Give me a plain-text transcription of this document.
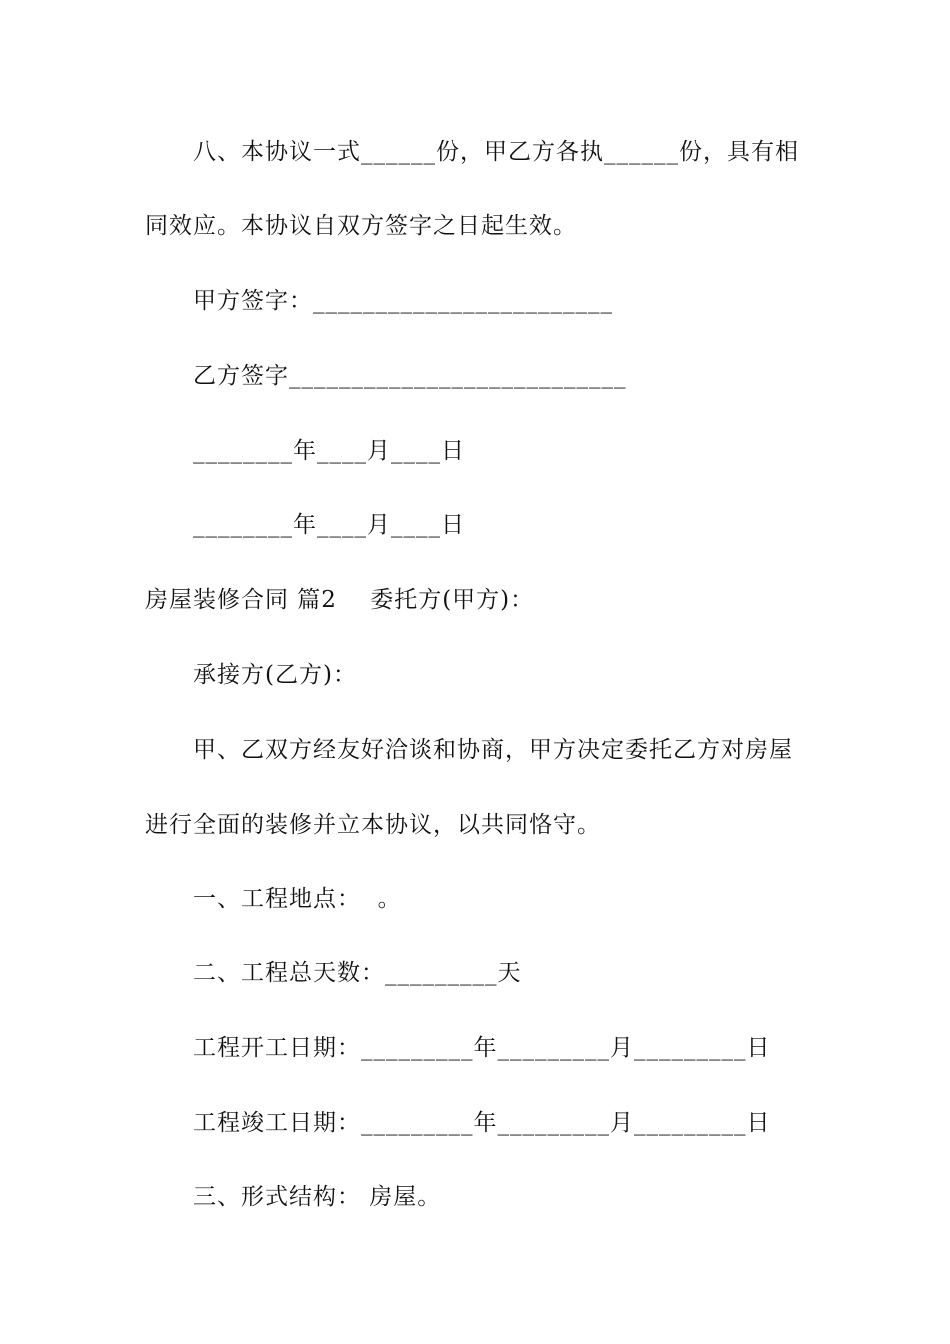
八、本协议一式______份，甲乙方各执______份，具有相
同效应。本协议自双方签字之日起生效。
甲方签字：________________________
乙方签字___________________________
________年____月____日
________年____月____日
房屋装修合同 篇2    委托方(甲方)：
承接方(乙方)：
甲、乙双方经友好洽谈和协商，甲方决定委托乙方对房屋
进行全面的装修并立本协议，以共同恪守。
一、工程地点：  。
二、工程总天数：_________天
工程开工日期：_________年_________月_________日
工程竣工日期：_________年_________月_________日
三、形式结构： 房屋。
